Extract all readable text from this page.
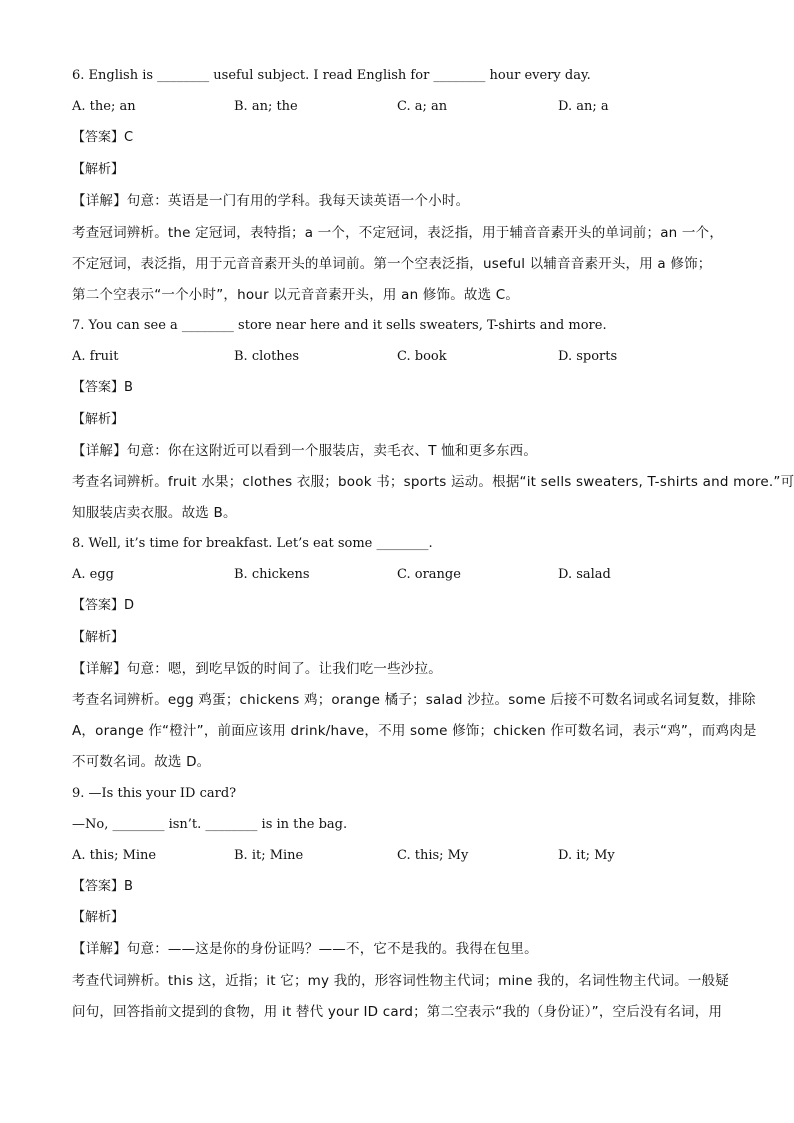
6. English is ________ useful subject. I read English for ________ hour every day.
A. the; an	B. an; the	C. a; an	D. an; a
【答案】C
【解析】
【详解】句意：英语是一门有用的学科。我每天读英语一个小时。
考查冠词辨析。the 定冠词，表特指；a 一个，不定冠词，表泛指，用于辅音音素开头的单词前；an 一个，
不定冠词，表泛指，用于元音音素开头的单词前。第一个空表泛指，useful 以辅音音素开头，用 a 修饰；
第二个空表示“一个小时”，hour 以元音音素开头，用 an 修饰。故选 C。
7. You can see a ________ store near here and it sells sweaters, T-shirts and more.
A. fruit	B. clothes	C. book	D. sports
【答案】B
【解析】
【详解】句意：你在这附近可以看到一个服装店，卖毛衣、T 恤和更多东西。
考查名词辨析。fruit 水果；clothes 衣服；book 书；sports 运动。根据“it sells sweaters, T-shirts and more.”可
知服装店卖衣服。故选 B。
8. Well, it’s time for breakfast. Let’s eat some ________.
A. egg	B. chickens	C. orange	D. salad
【答案】D
【解析】
【详解】句意：嗯，到吃早饭的时间了。让我们吃一些沙拉。
考查名词辨析。egg 鸡蛋；chickens 鸡；orange 橘子；salad 沙拉。some 后接不可数名词或名词复数，排除
A，orange 作“橙汁”，前面应该用 drink/have，不用 some 修饰；chicken 作可数名词，表示“鸡”，而鸡肉是
不可数名词。故选 D。
9. —Is this your ID card?
—No, ________ isn’t. ________ is in the bag.
A. this; Mine	B. it; Mine	C. this; My	D. it; My
【答案】B
【解析】
【详解】句意：——这是你的身份证吗？——不，它不是我的。我得在包里。
考查代词辨析。this 这，近指；it 它；my 我的，形容词性物主代词；mine 我的，名词性物主代词。一般疑
问句，回答指前文提到的食物，用 it 替代 your ID card；第二空表示“我的（身份证）”，空后没有名词，用
